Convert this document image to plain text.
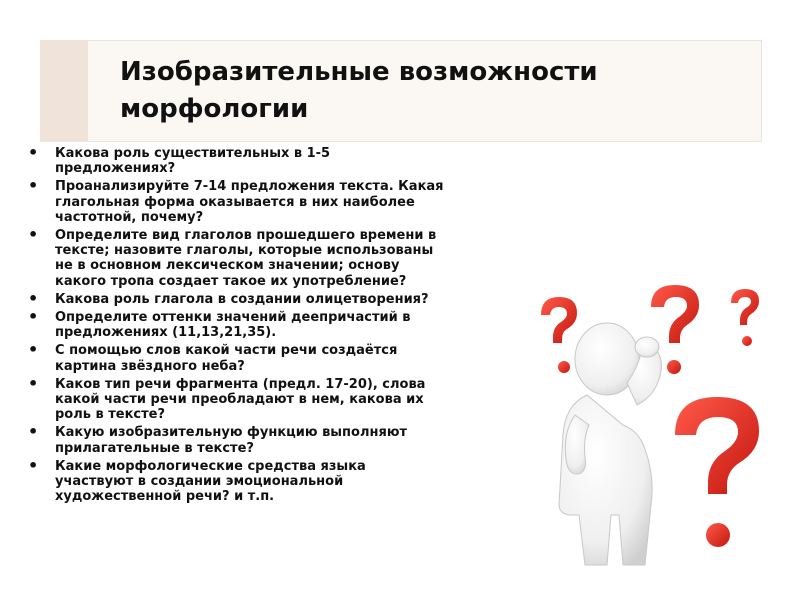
Изобразительные возможности
морфологии
• Какова роль существительных в 1-5
предложениях?
• Проанализируйте 7-14 предложения текста. Какая
глагольная форма оказывается в них наиболее
частотной, почему?
• Определите вид глаголов прошедшего времени в
тексте; назовите глаголы, которые использованы
не в основном лексическом значении; основу
какого тропа создает такое их употребление?
• Какова роль глагола в создании олицетворения?
• Определите оттенки значений деепричастий в
предложениях (11,13,21,35).
• С помощью слов какой части речи создаётся
картина звёздного неба?
• Каков тип речи фрагмента (предл. 17-20), слова
какой части речи преобладают в нем, какова их
роль в тексте?
• Какую изобразительную функцию выполняют
прилагательные в тексте?
• Какие морфологические средства языка
участвуют в создании эмоциональной
художественной речи? и т.п.
